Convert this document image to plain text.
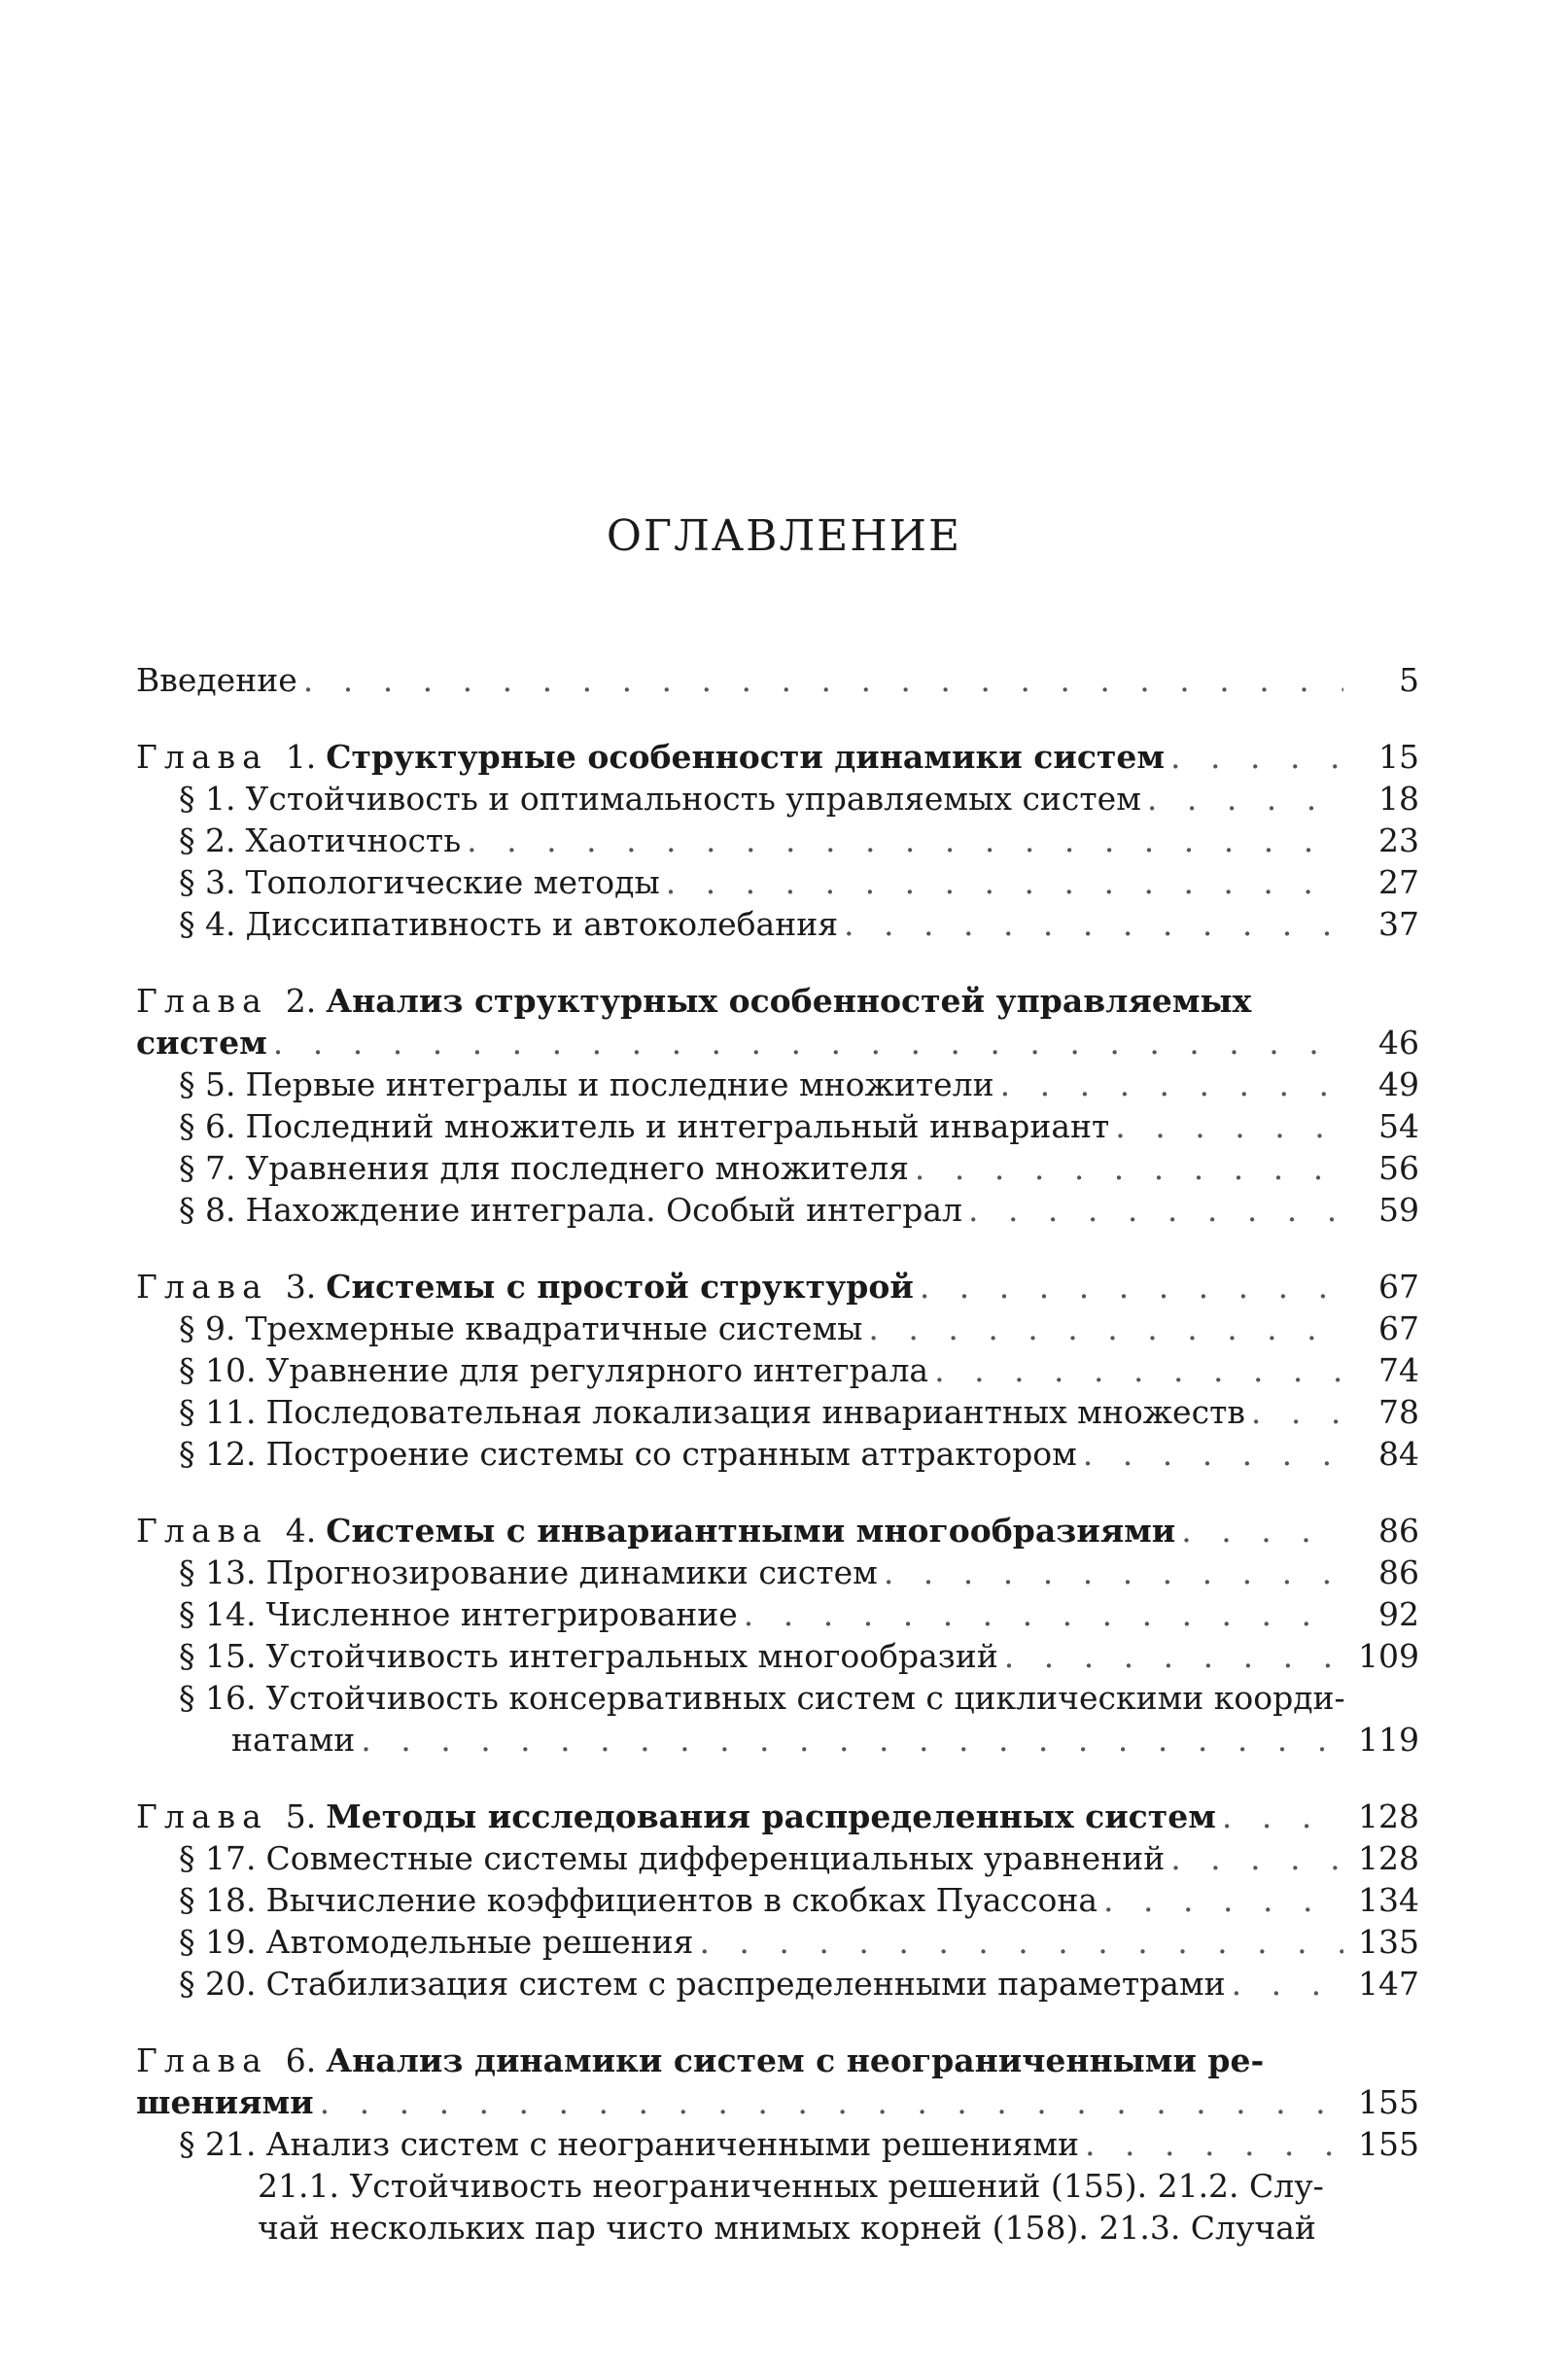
ОГЛАВЛЕНИЕ
Введение . . .	5
Глава 1. Структурные особенности динамики систем . . .	15
§ 1. Устойчивость и оптимальность управляемых систем . . .	18
§ 2. Хаотичность . . .	23
§ 3. Топологические методы . . .	27
§ 4. Диссипативность и автоколебания . . .	37
Глава 2. Анализ структурных особенностей управляемых
систем . . .	46
§ 5. Первые интегралы и последние множители . . .	49
§ 6. Последний множитель и интегральный инвариант . . .	54
§ 7. Уравнения для последнего множителя . . .	56
§ 8. Нахождение интеграла. Особый интеграл . . .	59
Глава 3. Системы с простой структурой . . .	67
§ 9. Трехмерные квадратичные системы . . .	67
§ 10. Уравнение для регулярного интеграла . . .	74
§ 11. Последовательная локализация инвариантных множеств . . .	78
§ 12. Построение системы со странным аттрактором . . .	84
Глава 4. Системы с инвариантными многообразиями . . .	86
§ 13. Прогнозирование динамики систем . . .	86
§ 14. Численное интегрирование . . .	92
§ 15. Устойчивость интегральных многообразий . . .	109
§ 16. Устойчивость консервативных систем с циклическими коорди-
натами . . .	119
Глава 5. Методы исследования распределенных систем . . .	128
§ 17. Совместные системы дифференциальных уравнений . . .	128
§ 18. Вычисление коэффициентов в скобках Пуассона . . .	134
§ 19. Автомодельные решения . . .	135
§ 20. Стабилизация систем с распределенными параметрами . . .	147
Глава 6. Анализ динамики систем с неограниченными ре-
шениями . . .	155
§ 21. Анализ систем с неограниченными решениями . . .	155
21.1. Устойчивость неограниченных решений (155). 21.2. Слу-
чай нескольких пар чисто мнимых корней (158). 21.3. Случай
